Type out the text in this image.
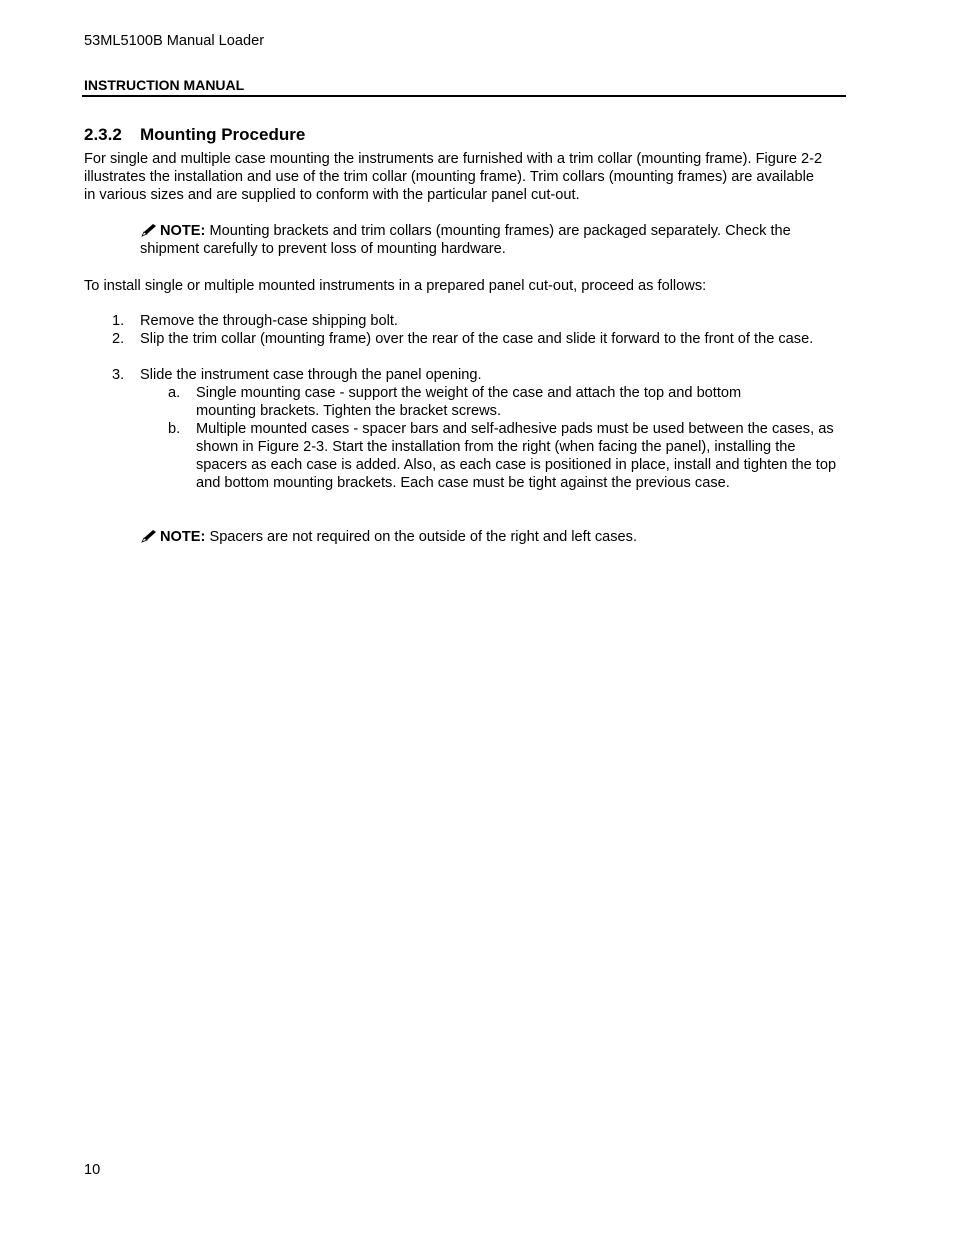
53ML5100B Manual Loader
INSTRUCTION MANUAL
2.3.2 Mounting Procedure
For single and multiple case mounting the instruments are furnished with a trim collar (mounting frame). Figure 2-2 illustrates the installation and use of the trim collar (mounting frame). Trim collars (mounting frames) are available in various sizes and are supplied to conform with the particular panel cut-out.
NOTE: Mounting brackets and trim collars (mounting frames) are packaged separately. Check the shipment carefully to prevent loss of mounting hardware.
To install single or multiple mounted instruments in a prepared panel cut-out, proceed as follows:
1. Remove the through-case shipping bolt.
2. Slip the trim collar (mounting frame) over the rear of the case and slide it forward to the front of the case.
3. Slide the instrument case through the panel opening.
a. Single mounting case - support the weight of the case and attach the top and bottom mounting brackets. Tighten the bracket screws.
b. Multiple mounted cases - spacer bars and self-adhesive pads must be used between the cases, as shown in Figure 2-3. Start the installation from the right (when facing the panel), installing the spacers as each case is added. Also, as each case is positioned in place, install and tighten the top and bottom mounting brackets. Each case must be tight against the previous case.
NOTE: Spacers are not required on the outside of the right and left cases.
10
